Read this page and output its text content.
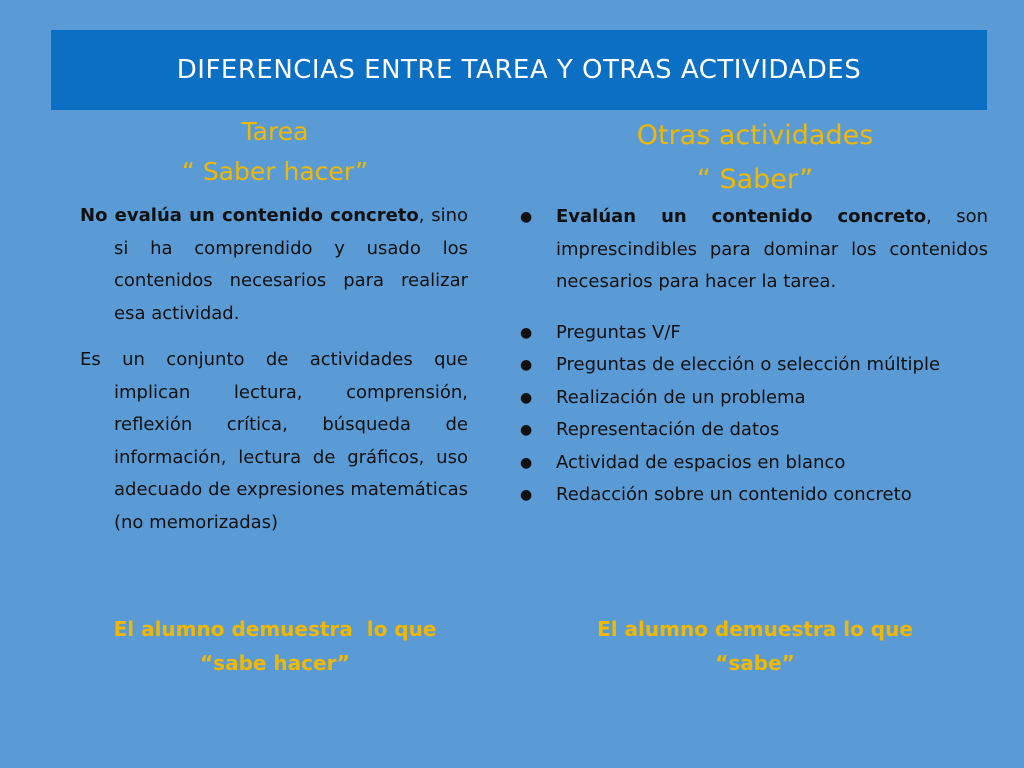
DIFERENCIAS ENTRE TAREA Y OTRAS ACTIVIDADES
Tarea
“ Saber hacer”
Otras actividades
“ Saber”

No evalúa un contenido concreto, sino si ha comprendido y usado los contenidos necesarios para realizar esa actividad.

Es un conjunto de actividades que implican lectura, comprensión, reflexión crítica, búsqueda de información, lectura de gráficos, uso adecuado de expresiones matemáticas (no memorizadas)

●	Evalúan un contenido concreto, son imprescindibles para dominar los contenidos necesarios para hacer la tarea.
●	Preguntas V/F
●	Preguntas de elección o selección múltiple
●	Realización de un problema
●	Representación de datos
●	Actividad de espacios en blanco
●	Redacción sobre un contenido concreto
El alumno demuestra  lo que
“sabe hacer”
El alumno demuestra lo que
“sabe”
